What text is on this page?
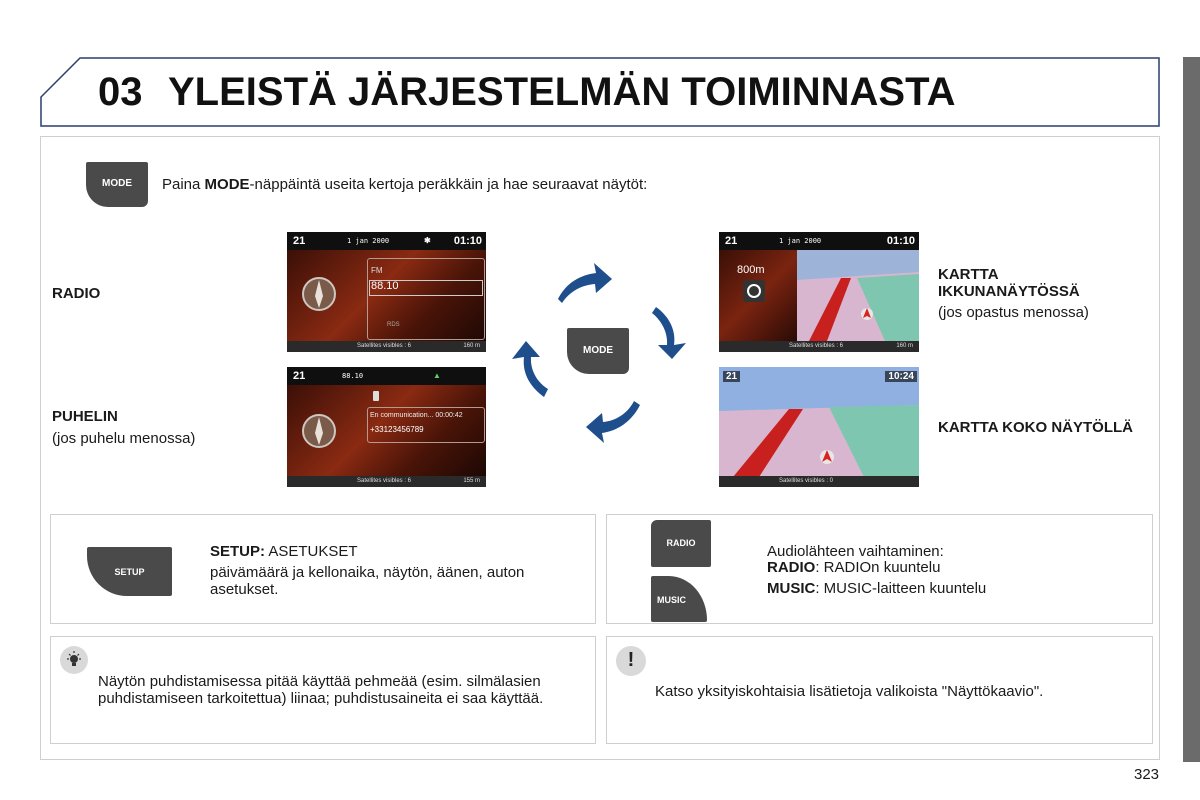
03 YLEISTÄ JÄRJESTELMÄN TOIMINNASTA
MODE	Paina MODE-näppäintä useita kertoja peräkkäin ja hae seuraavat näytöt:
RADIO
PUHELIN
(jos puhelu menossa)
KARTTA
IKKUNANÄYTÖSSÄ
(jos opastus menossa)
KARTTA KOKO NÄYTÖLLÄ
21	1 jan 2000	✱ 01:10
FM
88.10
RDS
Satellites visibles : 6	160 m
21	88.10	▲
En communication... 00:00:42
+33123456789
Satellites visibles : 6	155 m
21	1 jan 2000	01:10
800m
Satellites visibles : 6	160 m
21	10:24
Satellites visibles : 0
MODE
SETUP
SETUP: ASETUKSET
päivämäärä ja kellonaika, näytön, äänen, auton asetukset.
RADIO
MUSIC
Audiolähteen vaihtaminen:
RADIO: RADIOn kuuntelu
MUSIC: MUSIC-laitteen kuuntelu
Näytön puhdistamisessa pitää käyttää pehmeää (esim. silmälasien puhdistamiseen tarkoitettua) liinaa; puhdistusaineita ei saa käyttää.
!
Katso yksityiskohtaisia lisätietoja valikoista "Näyttökaavio".
323
